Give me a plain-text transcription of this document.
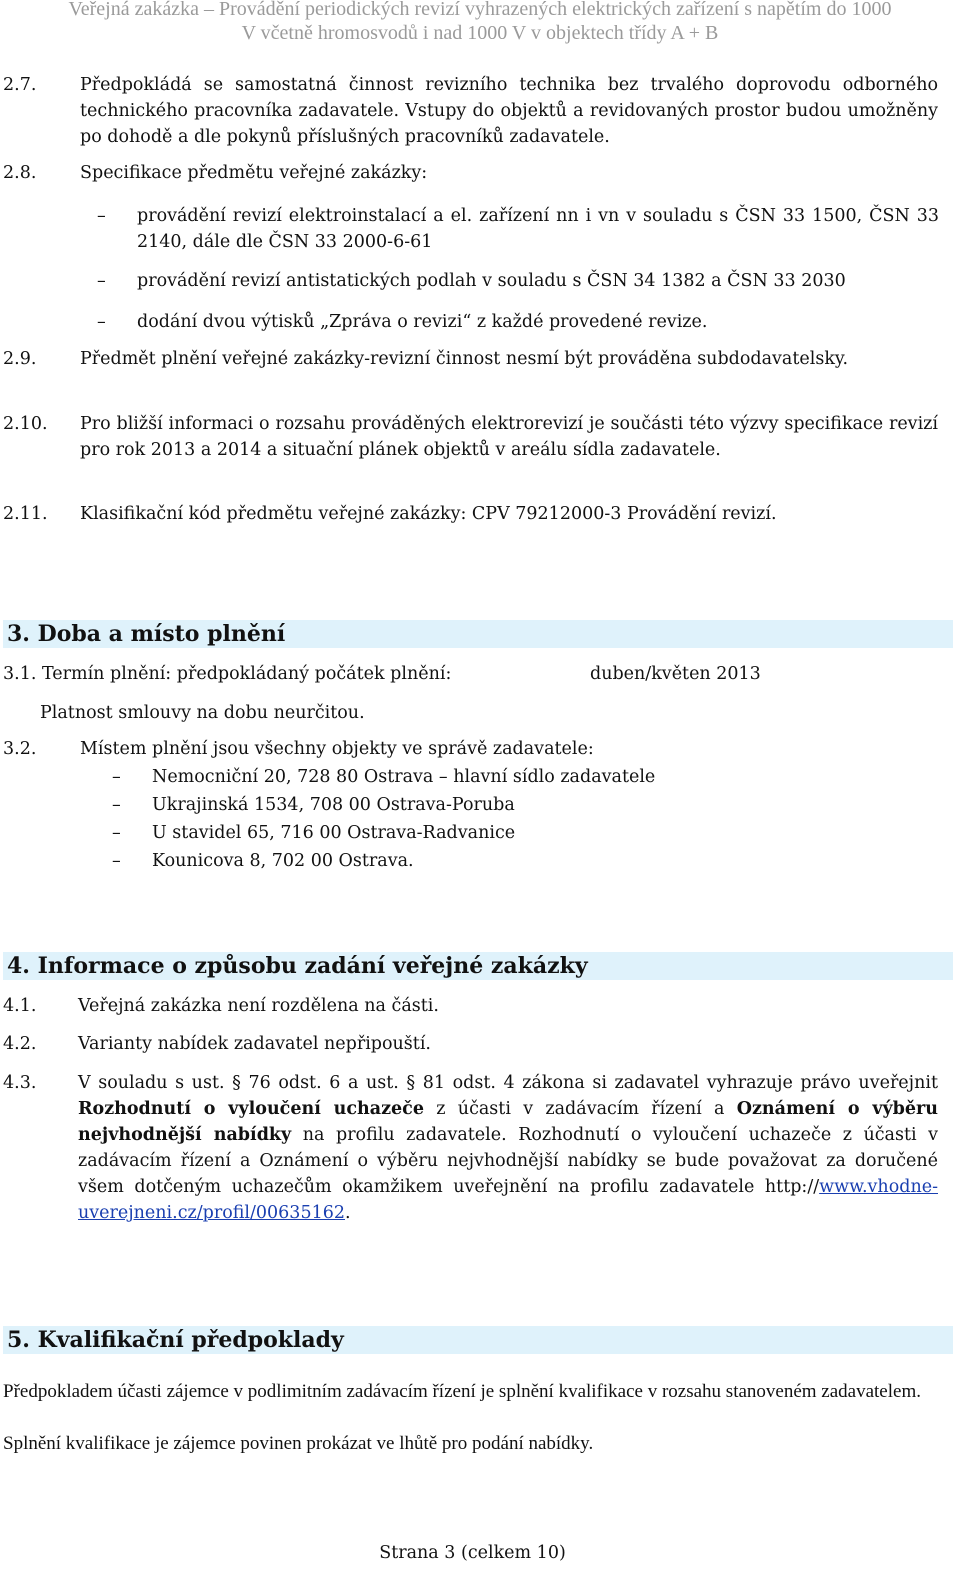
Veřejná zakázka – Provádění periodických revizí vyhrazených elektrických zařízení s napětím do 1000
V včetně hromosvodů i nad 1000 V v objektech třídy A + B
2.7. Předpokládá se samostatná činnost revizního technika bez trvalého doprovodu odborného technického pracovníka zadavatele. Vstupy do objektů a revidovaných prostor budou umožněny po dohodě a dle pokynů příslušných pracovníků zadavatele.
2.8. Specifikace předmětu veřejné zakázky:
– provádění revizí elektroinstalací a el. zařízení nn i vn v souladu s ČSN 33 1500, ČSN 33 2140, dále dle ČSN 33 2000-6-61
– provádění revizí antistatických podlah v souladu s ČSN 34 1382 a ČSN 33 2030
– dodání dvou výtisků „Zpráva o revizi“ z každé provedené revize.
2.9. Předmět plnění veřejné zakázky-revizní činnost nesmí být prováděna subdodavatelsky.
2.10. Pro bližší informaci o rozsahu prováděných elektrorevizí je součásti této výzvy specifikace revizí pro rok 2013 a 2014 a situační plánek objektů v areálu sídla zadavatele.
2.11. Klasifikační kód předmětu veřejné zakázky: CPV 79212000-3 Provádění revizí.
3. Doba a místo plnění
3.1. Termín plnění: předpokládaný počátek plnění:	duben/květen 2013
Platnost smlouvy na dobu neurčitou.
3.2. Místem plnění jsou všechny objekty ve správě zadavatele:
– Nemocniční 20, 728 80 Ostrava – hlavní sídlo zadavatele
– Ukrajinská 1534, 708 00 Ostrava-Poruba
– U stavidel 65, 716 00 Ostrava-Radvanice
– Kounicova 8, 702 00 Ostrava.
4. Informace o způsobu zadání veřejné zakázky
4.1. Veřejná zakázka není rozdělena na části.
4.2. Varianty nabídek zadavatel nepřipouští.
4.3. V souladu s ust. § 76 odst. 6 a ust. § 81 odst. 4 zákona si zadavatel vyhrazuje právo uveřejnit Rozhodnutí o vyloučení uchazeče z účasti v zadávacím řízení a Oznámení o výběru nejvhodnější nabídky na profilu zadavatele. Rozhodnutí o vyloučení uchazeče z účasti v zadávacím řízení a Oznámení o výběru nejvhodnější nabídky se bude považovat za doručené všem dotčeným uchazečům okamžikem uveřejnění na profilu zadavatele http://www.vhodne-uverejneni.cz/profil/00635162.
5. Kvalifikační předpoklady
Předpokladem účasti zájemce v podlimitním zadávacím řízení je splnění kvalifikace v rozsahu stanoveném zadavatelem.
Splnění kvalifikace je zájemce povinen prokázat ve lhůtě pro podání nabídky.
Strana 3 (celkem 10)
